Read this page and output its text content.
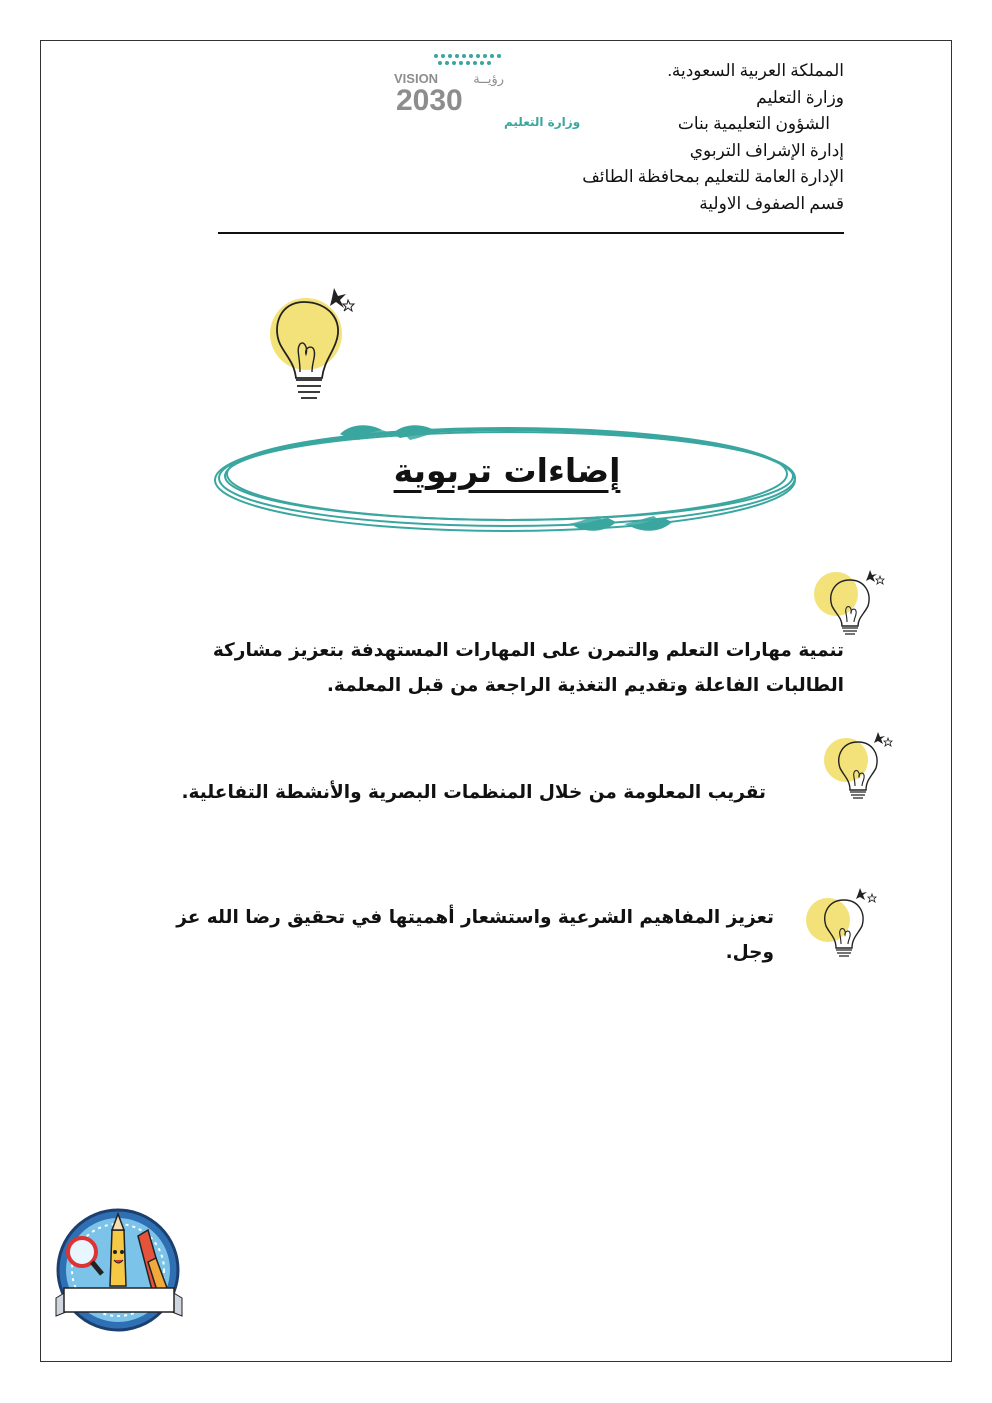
المملكة العربية السعودية.
وزارة التعليم
الشؤون التعليمية بنات
إدارة الإشراف التربوي
الإدارة العامة للتعليم بمحافظة الطائف
قسم الصفوف الاولية
VISION	رؤيــة
2030
وزارة التعليم
إضاءات تربوية
تنمية مهارات التعلم والتمرن على المهارات المستهدفة بتعزيز مشاركة الطالبات الفاعلة وتقديم التغذية الراجعة من قبل المعلمة.
تقريب المعلومة من خلال المنظمات البصرية والأنشطة التفاعلية.
تعزيز المفاهيم الشرعية واستشعار أهميتها في تحقيق رضا الله عز وجل.
